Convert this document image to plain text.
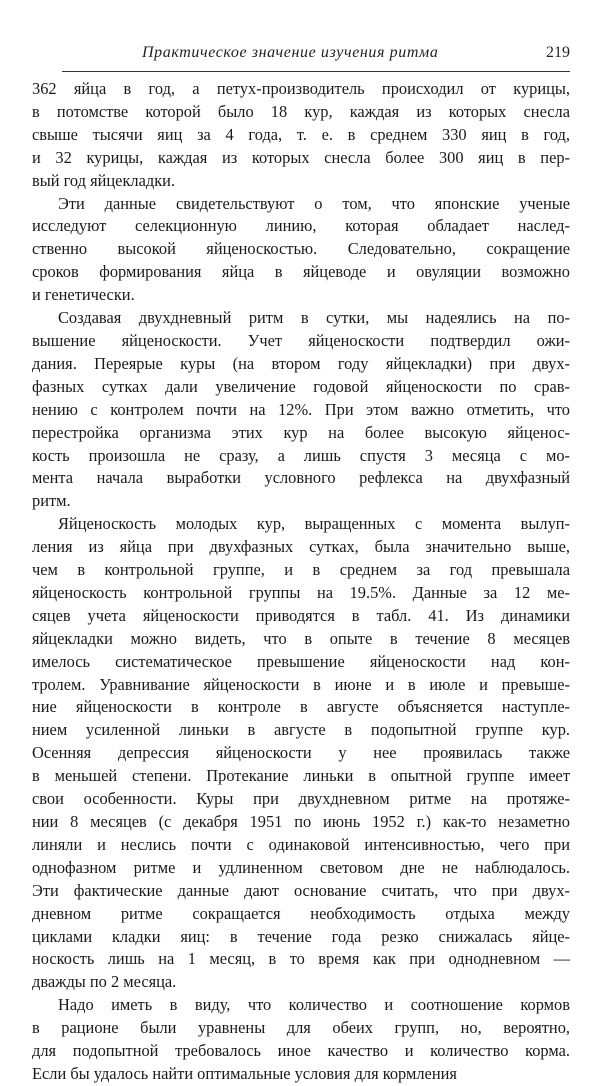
Практическое значение изучения ритма	219
362 яйца в год, а петух-производитель происходил от курицы,
в потомстве которой было 18 кур, каждая из которых снесла
свыше тысячи яиц за 4 года, т. е. в среднем 330 яиц в год,
и 32 курицы, каждая из которых снесла более 300 яиц в пер-
вый год яйцекладки.
Эти данные свидетельствуют о том, что японские ученые
исследуют селекционную линию, которая обладает наслед-
ственно высокой яйценоскостью. Следовательно, сокращение
сроков формирования яйца в яйцеводе и овуляции возможно
и генетически.
Создавая двухдневный ритм в сутки, мы надеялись на по-
вышение яйценоскости. Учет яйценоскости подтвердил ожи-
дания. Переярые куры (на втором году яйцекладки) при двух-
фазных сутках дали увеличение годовой яйценоскости по срав-
нению с контролем почти на 12%. При этом важно отметить, что
перестройка организма этих кур на более высокую яйценос-
кость произошла не сразу, а лишь спустя 3 месяца с мо-
мента начала выработки условного рефлекса на двухфазный
ритм.
Яйценоскость молодых кур, выращенных с момента вылуп-
ления из яйца при двухфазных сутках, была значительно выше,
чем в контрольной группе, и в среднем за год превышала
яйценоскость контрольной группы на 19.5%. Данные за 12 ме-
сяцев учета яйценоскости приводятся в табл. 41. Из динамики
яйцекладки можно видеть, что в опыте в течение 8 месяцев
имелось систематическое превышение яйценоскости над кон-
тролем. Уравнивание яйценоскости в июне и в июле и превыше-
ние яйценоскости в контроле в августе объясняется наступле-
нием усиленной линьки в августе в подопытной группе кур.
Осенняя депрессия яйценоскости у нее проявилась также
в меньшей степени. Протекание линьки в опытной группе имеет
свои особенности. Куры при двухдневном ритме на протяже-
нии 8 месяцев (с декабря 1951 по июнь 1952 г.) как-то незаметно
линяли и неслись почти с одинаковой интенсивностью, чего при
однофазном ритме и удлиненном световом дне не наблюдалось.
Эти фактические данные дают основание считать, что при двух-
дневном ритме сокращается необходимость отдыха между
циклами кладки яиц: в течение года резко снижалась яйце-
носкость лишь на 1 месяц, в то время как при однодневном —
дважды по 2 месяца.
Надо иметь в виду, что количество и соотношение кормов
в рационе были уравнены для обеих групп, но, вероятно,
для подопытной требовалось иное качество и количество корма.
Если бы удалось найти оптимальные условия для кормления
